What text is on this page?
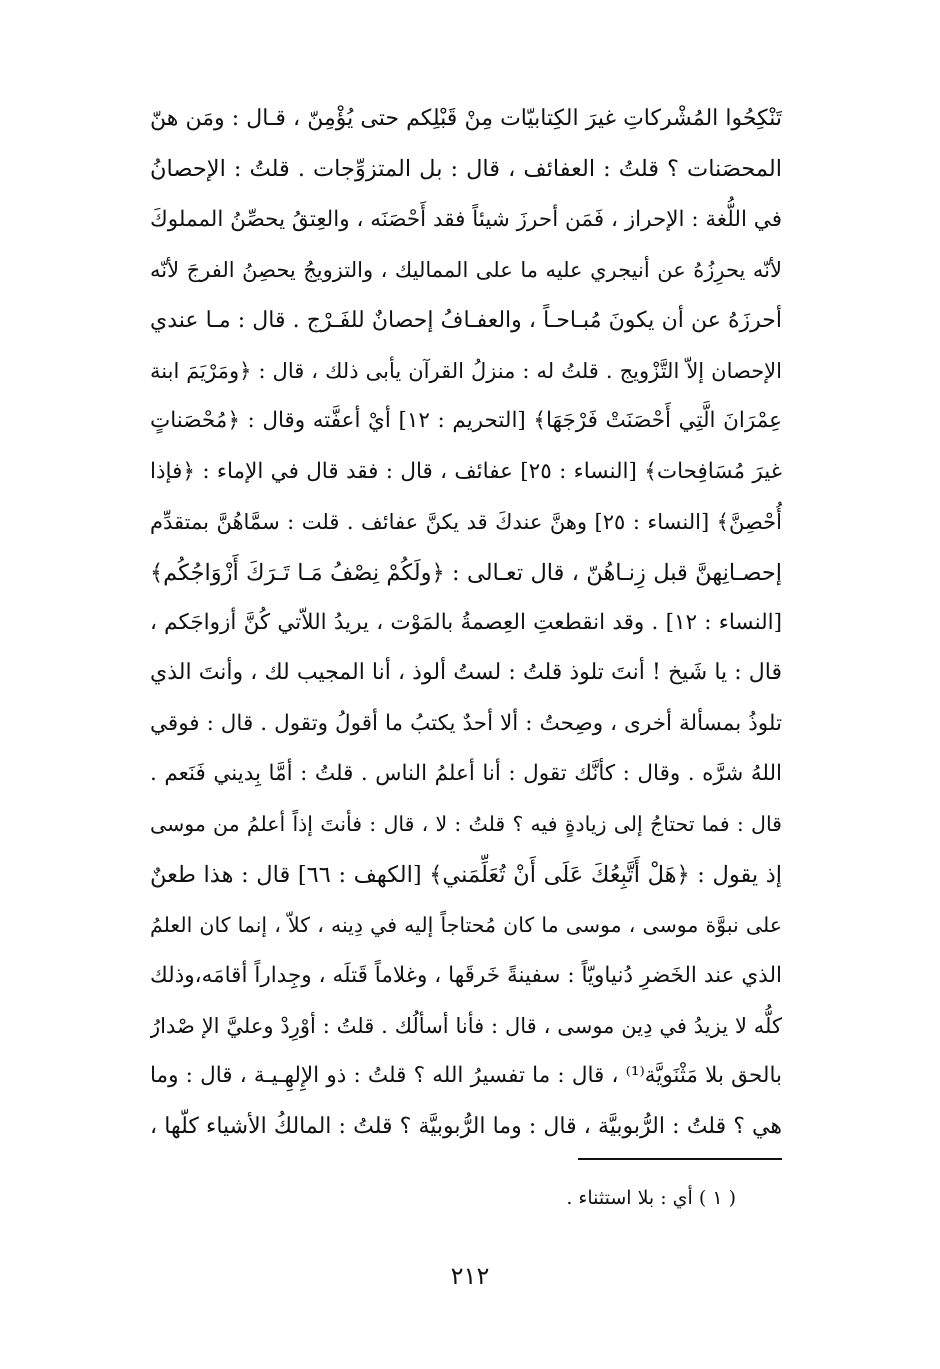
تَنْكِحُوا المُشْركاتِ غيرَ الكِتابيّات مِنْ قَبْلِكم حتى يُؤْمِنّ ، قـال : ومَن هنّ
المحصَنات ؟ قلتُ : العفائف ، قال : بل المتزوِّجات . قلتُ : الإحصانُ
في اللُّغة : الإحراز ، فَمَن أحرزَ شيئاً فقد أَحْصَنَه ، والعِتقُ يحصِّنُ المملوكَ
لأنّه يحرِزُهُ عن أنيجري عليه ما على المماليك ، والتزويجُ يحصِنُ الفرجَ لأنّه
أحرزَهُ عن أن يكونَ مُبـاحـاً ، والعفـافُ إحصانٌ للفَـرْج . قال : مـا عندي
الإحصان إلاّ التَّزْويج . قلتُ له : منزلُ القرآن يأبى ذلك ، قال : ﴿ومَرْيَمَ ابنة
عِمْرَانَ الَّتِي أَحْصَنَتْ فَرْجَهَا﴾ [التحريم : ١٢] أيْ أعفَّته وقال : ﴿مُحْصَناتٍ
غيرَ مُسَافِحات﴾ [النساء : ٢٥] عفائف ، قال : فقد قال في الإماء : ﴿فإذا
أُحْصِنَّ﴾ [النساء : ٢٥] وهنَّ عندكَ قد يكنَّ عفائف . قلت : سمَّاهُنَّ بمتقدِّم
إحصـانِهنَّ قبل زِنـاهُنّ ، قال تعـالى : ﴿ولَكُمْ نِصْفُ مَـا تَـرَكَ أَزْوَاجُكُم﴾
[النساء : ١٢] . وقد انقطعتِ العِصمةُ بالمَوْت ، يريدُ اللاّتي كُنَّ أزواجَكم ،
قال : يا شَيخ ! أنتَ تلوذ قلتُ : لستُ ألوذ ، أنا المجيب لك ، وأنتَ الذي
تلوذُ بمسألة أخرى ، وصِحتُ : ألا أحدٌ يكتبُ ما أقولُ وتقول . قال : فوقي
اللهُ شرَّه . وقال : كأنَّك تقول : أنا أعلمُ الناس . قلتُ : أمَّا بِديني فَنَعم .
قال : فما تحتاجُ إلى زيادةٍ فيه ؟ قلتُ : لا ، قال : فأنتَ إذاً أعلمُ من موسى
إذ يقول : ﴿هَلْ أَتَّبِعُكَ عَلَى أَنْ تُعَلِّمَني﴾ [الكهف : ٦٦] قال : هذا طعنٌ
على نبوَّة موسى ، موسى ما كان مُحتاجاً إليه في دِينه ، كلاّ ، إنما كان العلمُ
الذي عند الخَضرِ دُنياويّاً : سفينةً خَرقَها ، وغلاماً قَتلَه ، وجِداراً أقامَه،وذلك
كلُّه لا يزيدُ في دِين موسى ، قال : فأنا أسألُك . قلتُ : أوْرِدْ وعليَّ الإ صْدارُ
بالحق بلا مَثْنَويَّة⁽¹⁾ ، قال : ما تفسيرُ الله ؟ قلتُ : ذو الإِلهِـيـة ، قال : وما
هي ؟ قلتُ : الرُّبوبيَّة ، قال : وما الرُّبوبيَّة ؟ قلتُ : المالكُ الأشياء كلّها ،
( ١ ) أي : بلا استثناء .
٢١٢
